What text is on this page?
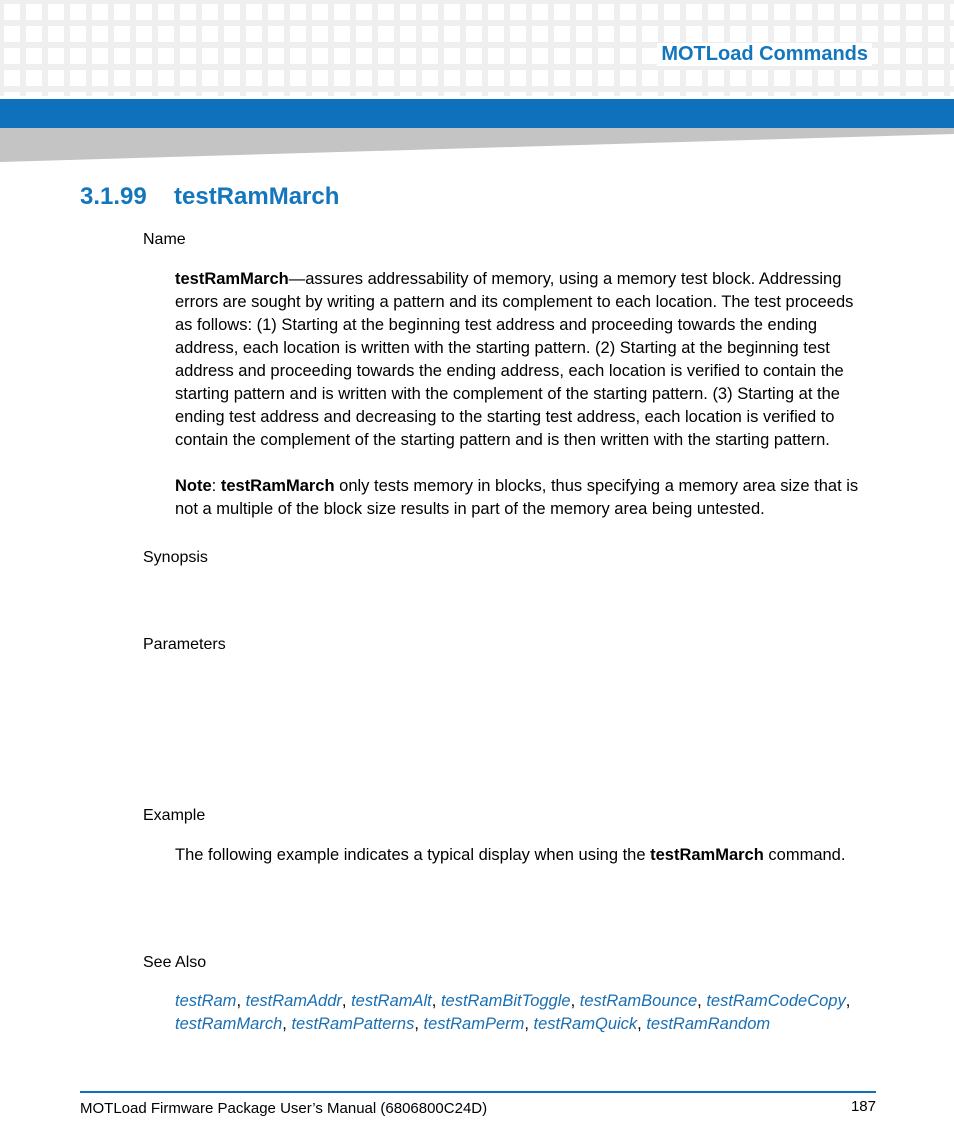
MOTLoad Commands
3.1.99 testRamMarch
Name

testRamMarch—assures addressability of memory, using a memory test block. Addressing errors are sought by writing a pattern and its complement to each location. The test proceeds as follows: (1) Starting at the beginning test address and proceeding towards the ending address, each location is written with the starting pattern. (2) Starting at the beginning test address and proceeding towards the ending address, each location is verified to contain the starting pattern and is written with the complement of the starting pattern. (3) Starting at the ending test address and decreasing to the starting test address, each location is verified to contain the complement of the starting pattern and is then written with the starting pattern.

Note: testRamMarch only tests memory in blocks, thus specifying a memory area size that is not a multiple of the block size results in part of the memory area being untested.

Synopsis
Parameters
Example

The following example indicates a typical display when using the testRamMarch command.

See Also
testRam, testRamAddr, testRamAlt, testRamBitToggle, testRamBounce, testRamCodeCopy, testRamMarch, testRamPatterns, testRamPerm, testRamQuick, testRamRandom
MOTLoad Firmware Package User’s Manual (6806800C24D)	187
